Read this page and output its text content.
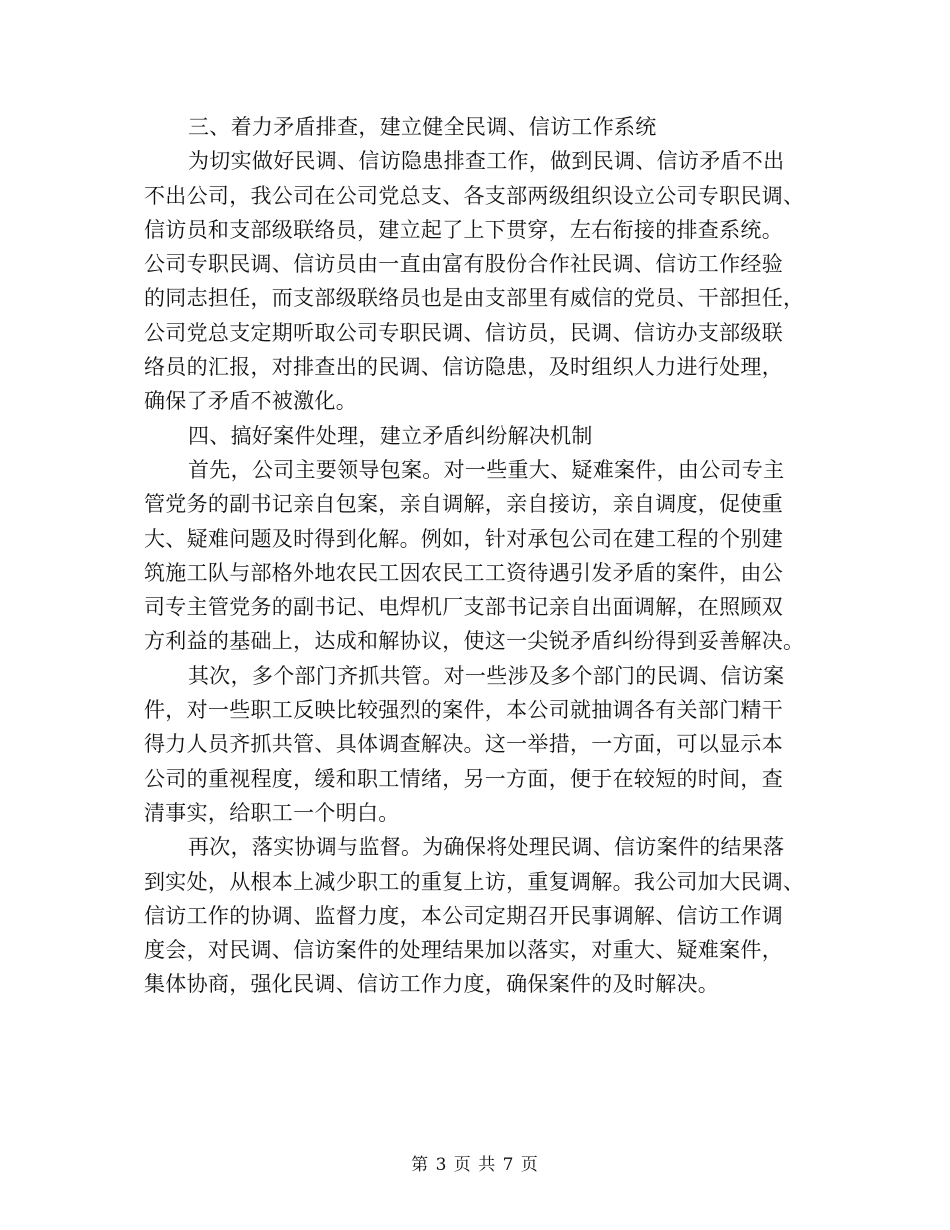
三、着力矛盾排查，建立健全民调、信访工作系统
为切实做好民调、信访隐患排查工作，做到民调、信访矛盾不出
不出公司，我公司在公司党总支、各支部两级组织设立公司专职民调、
信访员和支部级联络员，建立起了上下贯穿，左右衔接的排查系统。
公司专职民调、信访员由一直由富有股份合作社民调、信访工作经验
的同志担任，而支部级联络员也是由支部里有威信的党员、干部担任，
公司党总支定期听取公司专职民调、信访员，民调、信访办支部级联
络员的汇报，对排查出的民调、信访隐患，及时组织人力进行处理，
确保了矛盾不被激化。
四、搞好案件处理，建立矛盾纠纷解决机制
首先，公司主要领导包案。对一些重大、疑难案件，由公司专主
管党务的副书记亲自包案，亲自调解，亲自接访，亲自调度，促使重
大、疑难问题及时得到化解。例如，针对承包公司在建工程的个别建
筑施工队与部格外地农民工因农民工工资待遇引发矛盾的案件，由公
司专主管党务的副书记、电焊机厂支部书记亲自出面调解，在照顾双
方利益的基础上，达成和解协议，使这一尖锐矛盾纠纷得到妥善解决。
其次，多个部门齐抓共管。对一些涉及多个部门的民调、信访案
件，对一些职工反映比较强烈的案件，本公司就抽调各有关部门精干
得力人员齐抓共管、具体调查解决。这一举措，一方面，可以显示本
公司的重视程度，缓和职工情绪，另一方面，便于在较短的时间，查
清事实，给职工一个明白。
再次，落实协调与监督。为确保将处理民调、信访案件的结果落
到实处，从根本上减少职工的重复上访，重复调解。我公司加大民调、
信访工作的协调、监督力度，本公司定期召开民事调解、信访工作调
度会，对民调、信访案件的处理结果加以落实，对重大、疑难案件，
集体协商，强化民调、信访工作力度，确保案件的及时解决。
第 3 页 共 7 页
